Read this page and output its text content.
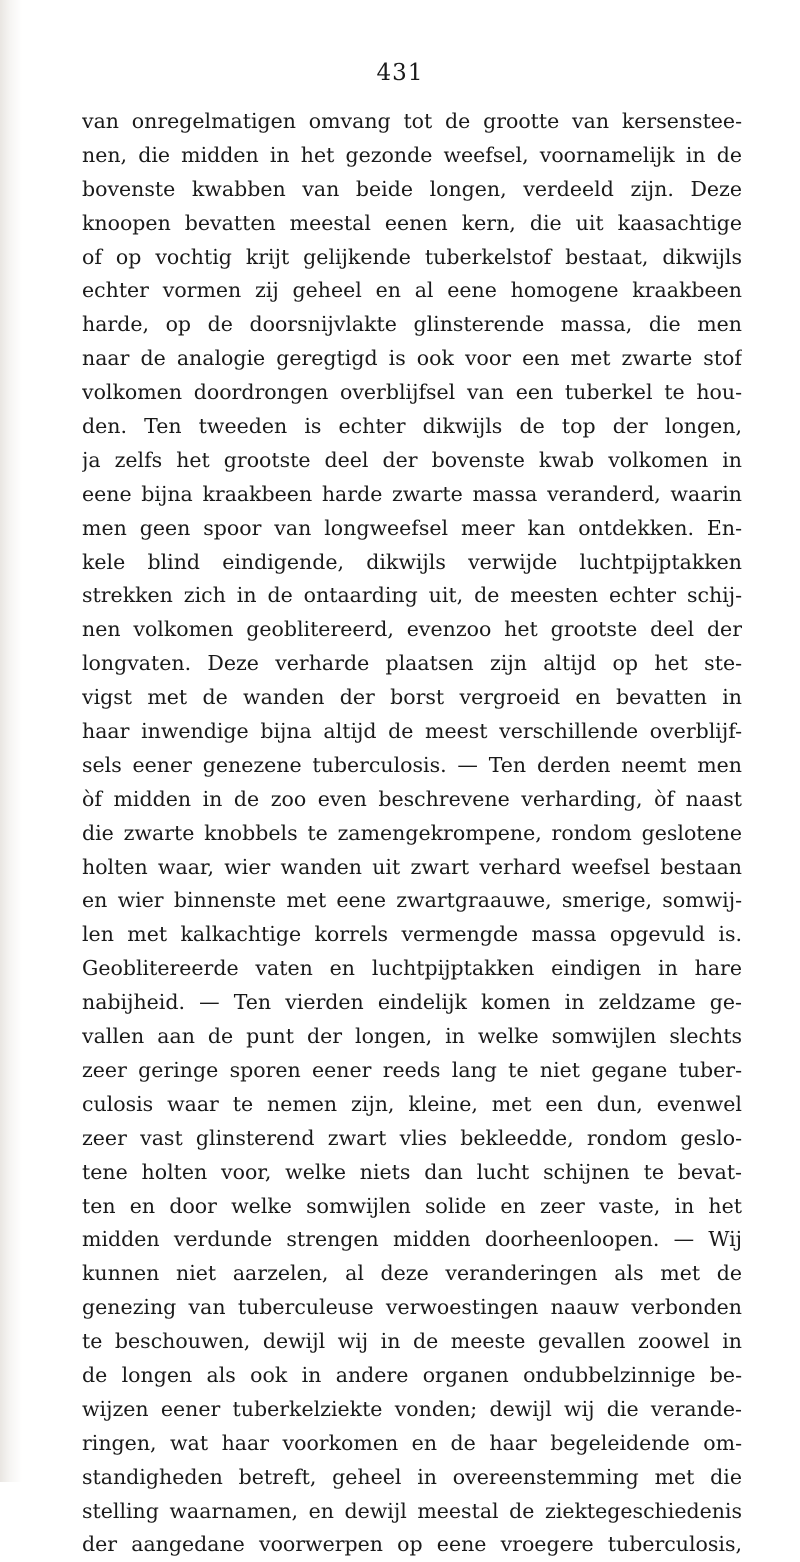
431
van onregelmatigen omvang tot de grootte van kersenstee-
nen, die midden in het gezonde weefsel, voornamelijk in de
bovenste kwabben van beide longen, verdeeld zijn. Deze
knoopen bevatten meestal eenen kern, die uit kaasachtige
of op vochtig krijt gelijkende tuberkelstof bestaat, dikwijls
echter vormen zij geheel en al eene homogene kraakbeen
harde, op de doorsnijvlakte glinsterende massa, die men
naar de analogie geregtigd is ook voor een met zwarte stof
volkomen doordrongen overblijfsel van een tuberkel te hou-
den. Ten tweeden is echter dikwijls de top der longen,
ja zelfs het grootste deel der bovenste kwab volkomen in
eene bijna kraakbeen harde zwarte massa veranderd, waarin
men geen spoor van longweefsel meer kan ontdekken. En-
kele blind eindigende, dikwijls verwijde luchtpijptakken
strekken zich in de ontaarding uit, de meesten echter schij-
nen volkomen geoblitereerd, evenzoo het grootste deel der
longvaten. Deze verharde plaatsen zijn altijd op het ste-
vigst met de wanden der borst vergroeid en bevatten in
haar inwendige bijna altijd de meest verschillende overblijf-
sels eener genezene tuberculosis. — Ten derden neemt men
òf midden in de zoo even beschrevene verharding, òf naast
die zwarte knobbels te zamengekrompene, rondom geslotene
holten waar, wier wanden uit zwart verhard weefsel bestaan
en wier binnenste met eene zwartgraauwe, smerige, somwij-
len met kalkachtige korrels vermengde massa opgevuld is.
Geoblitereerde vaten en luchtpijptakken eindigen in hare
nabijheid. — Ten vierden eindelijk komen in zeldzame ge-
vallen aan de punt der longen, in welke somwijlen slechts
zeer geringe sporen eener reeds lang te niet gegane tuber-
culosis waar te nemen zijn, kleine, met een dun, evenwel
zeer vast glinsterend zwart vlies bekleedde, rondom geslo-
tene holten voor, welke niets dan lucht schijnen te bevat-
ten en door welke somwijlen solide en zeer vaste, in het
midden verdunde strengen midden doorheenloopen. — Wij
kunnen niet aarzelen, al deze veranderingen als met de
genezing van tuberculeuse verwoestingen naauw verbonden
te beschouwen, dewijl wij in de meeste gevallen zoowel in
de longen als ook in andere organen ondubbelzinnige be-
wijzen eener tuberkelziekte vonden; dewijl wij die verande-
ringen, wat haar voorkomen en de haar begeleidende om-
standigheden betreft, geheel in overeenstemming met die
stelling waarnamen, en dewijl meestal de ziektegeschiedenis
der aangedane voorwerpen op eene vroegere tuberculosis,
